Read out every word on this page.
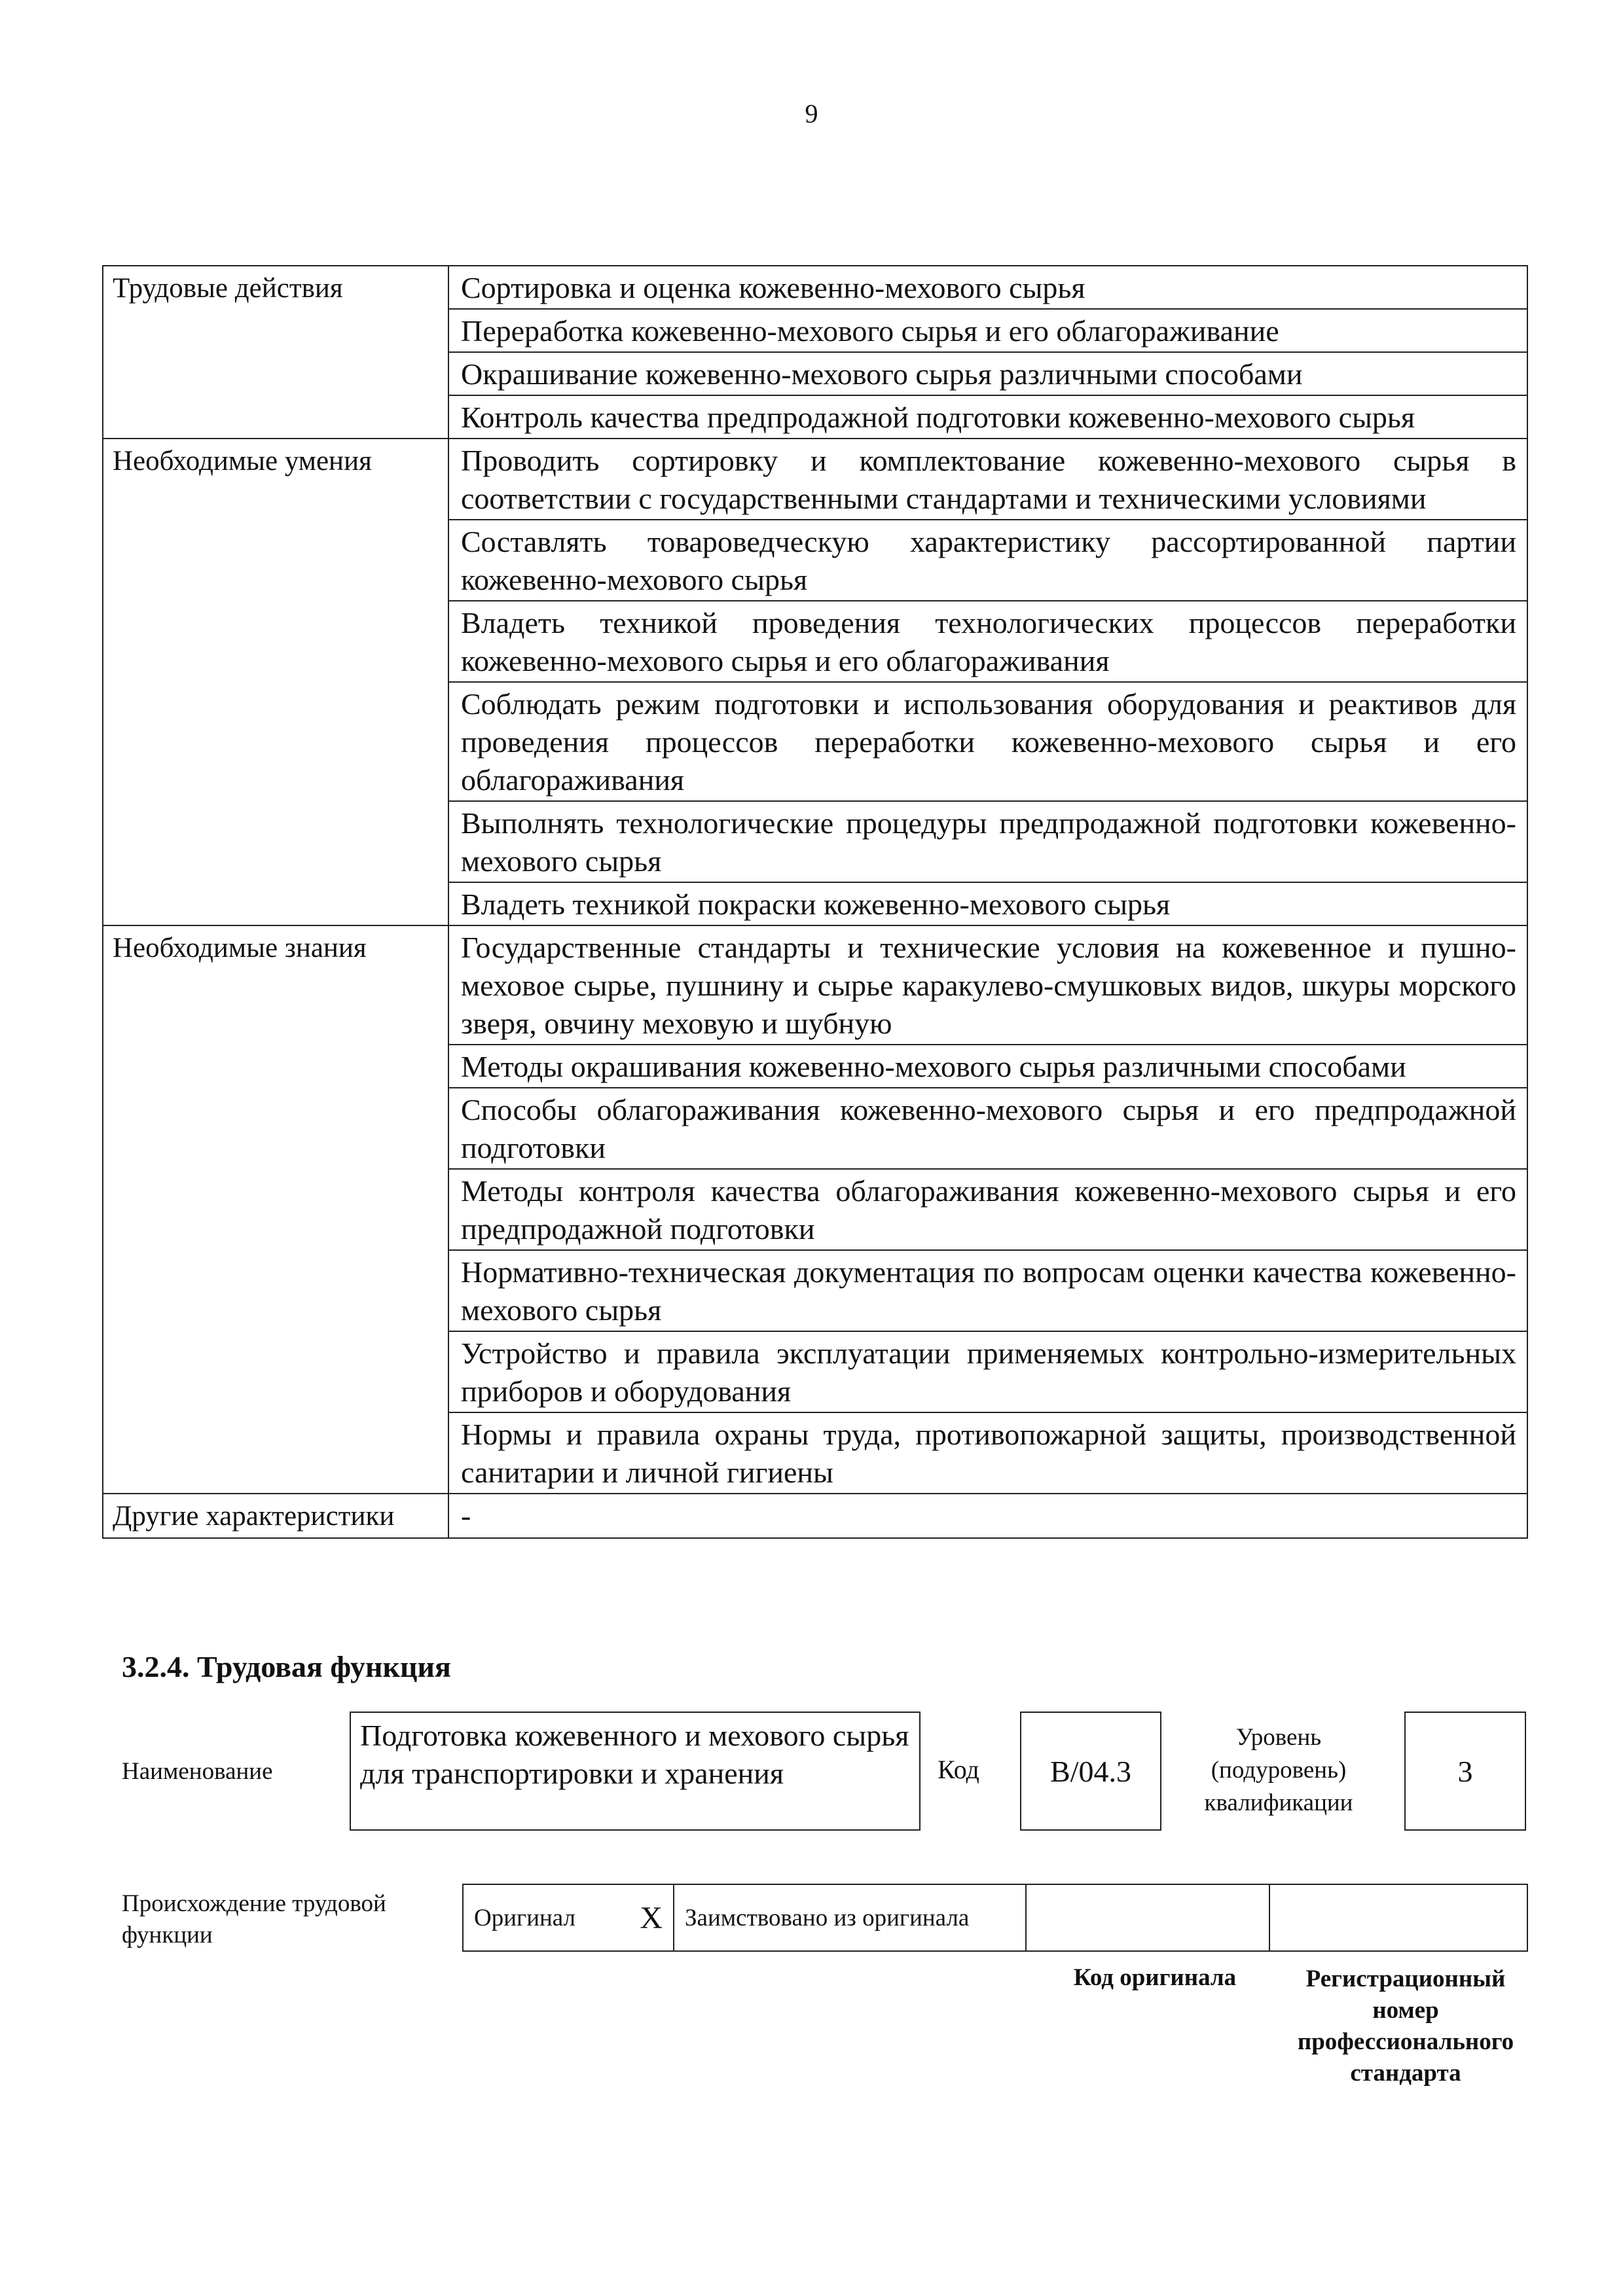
9
Трудовые действия	Сортировка и оценка кожевенно-мехового сырья
	Переработка кожевенно-мехового сырья и его облагораживание
	Окрашивание кожевенно-мехового сырья различными способами
	Контроль качества предпродажной подготовки кожевенно-мехового сырья
Необходимые умения	Проводить сортировку и комплектование кожевенно-мехового сырья в соответствии с государственными стандартами и техническими условиями
	Составлять товароведческую характеристику рассортированной партии кожевенно-мехового сырья
	Владеть техникой проведения технологических процессов переработки кожевенно-мехового сырья и его облагораживания
	Соблюдать режим подготовки и использования оборудования и реактивов для проведения процессов переработки кожевенно-мехового сырья и его облагораживания
	Выполнять технологические процедуры предпродажной подготовки кожевенно-мехового сырья
	Владеть техникой покраски кожевенно-мехового сырья
Необходимые знания	Государственные стандарты и технические условия на кожевенное и пушно-меховое сырье, пушнину и сырье каракулево-смушковых видов, шкуры морского зверя, овчину меховую и шубную
	Методы окрашивания кожевенно-мехового сырья различными способами
	Способы облагораживания кожевенно-мехового сырья и его предпродажной подготовки
	Методы контроля качества облагораживания кожевенно-мехового сырья и его предпродажной подготовки
	Нормативно-техническая документация по вопросам оценки качества кожевенно-мехового сырья
	Устройство и правила эксплуатации применяемых контрольно-измерительных приборов и оборудования
	Нормы и правила охраны труда, противопожарной защиты, производственной санитарии и личной гигиены
Другие характеристики	-
3.2.4. Трудовая функция
Наименование
Подготовка кожевенного и мехового сырья для транспортировки и хранения	Код B/04.3
Уровень (подуровень) квалификации
3
Происхождение трудовой функции
Оригинал X	Заимствовано из оригинала		
Код оригинала	Регистрационный номер профессионального стандарта
